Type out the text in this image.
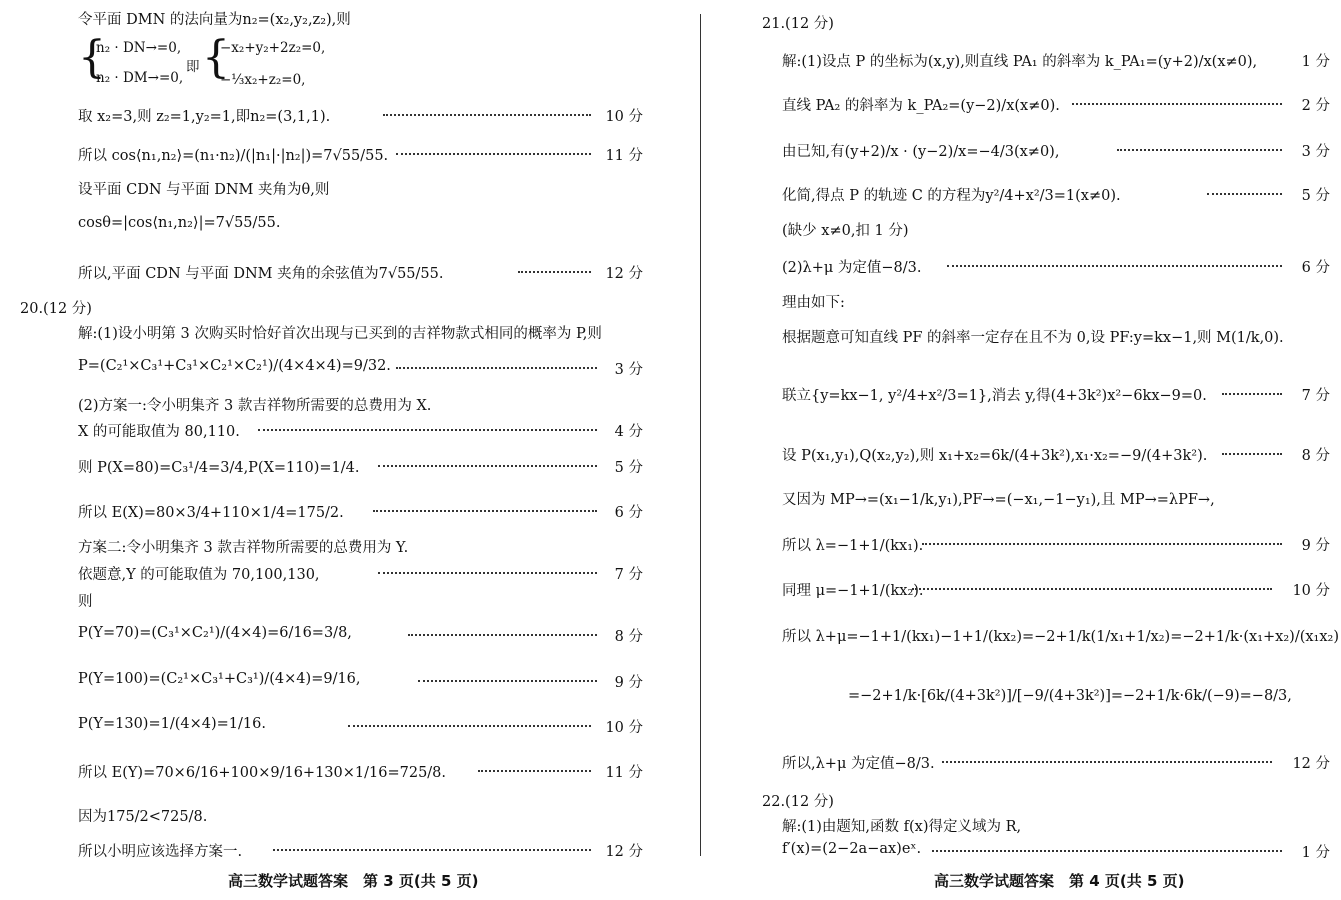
令平面 DMN 的法向量为n₂=(x₂,y₂,z₂),则
{
n₂ · DN→=0,
n₂ · DM→=0,
即 {
−x₂+y₂+2z₂=0,
−⅓x₂+z₂=0,
取 x₂=3,则 z₂=1,y₂=1,即n₂=(3,1,1).	10 分
所以 cos⟨n₁,n₂⟩=(n₁·n₂)/(|n₁|·|n₂|)=7√55/55.	11 分
设平面 CDN 与平面 DNM 夹角为θ,则
cosθ=|cos⟨n₁,n₂⟩|=7√55/55.
所以,平面 CDN 与平面 DNM 夹角的余弦值为7√55/55.	12 分
20.(12 分)
解:(1)设小明第 3 次购买时恰好首次出现与已买到的吉祥物款式相同的概率为 P,则
P=(C₂¹×C₃¹+C₃¹×C₂¹×C₂¹)/(4×4×4)=9/32.	3 分
(2)方案一:令小明集齐 3 款吉祥物所需要的总费用为 X.
X 的可能取值为 80,110.	4 分
则 P(X=80)=C₃¹/4=3/4,P(X=110)=1/4.	5 分
所以 E(X)=80×3/4+110×1/4=175/2.	6 分
方案二:令小明集齐 3 款吉祥物所需要的总费用为 Y.
依题意,Y 的可能取值为 70,100,130,	7 分
则
P(Y=70)=(C₃¹×C₂¹)/(4×4)=6/16=3/8,	8 分
P(Y=100)=(C₂¹×C₃¹+C₃¹)/(4×4)=9/16,	9 分
P(Y=130)=1/(4×4)=1/16.	10 分
所以 E(Y)=70×6/16+100×9/16+130×1/16=725/8.	11 分
因为175/2<725/8.
所以小明应该选择方案一.	12 分
高三数学试题答案　第 3 页(共 5 页)
21.(12 分)
解:(1)设点 P 的坐标为(x,y),则直线 PA₁ 的斜率为 k_PA₁=(y+2)/x(x≠0),	1 分
直线 PA₂ 的斜率为 k_PA₂=(y−2)/x(x≠0).	2 分
由已知,有(y+2)/x · (y−2)/x=−4/3(x≠0),	3 分
化简,得点 P 的轨迹 C 的方程为y²/4+x²/3=1(x≠0).	5 分
(缺少 x≠0,扣 1 分)
(2)λ+μ 为定值−8/3.	6 分
理由如下:
根据题意可知直线 PF 的斜率一定存在且不为 0,设 PF:y=kx−1,则 M(1/k,0).
联立{y=kx−1, y²/4+x²/3=1},消去 y,得(4+3k²)x²−6kx−9=0.	7 分
设 P(x₁,y₁),Q(x₂,y₂),则 x₁+x₂=6k/(4+3k²),x₁·x₂=−9/(4+3k²).	8 分
又因为 MP→=(x₁−1/k,y₁),PF→=(−x₁,−1−y₁),且 MP→=λPF→,
所以 λ=−1+1/(kx₁).	9 分
同理 μ=−1+1/(kx₂).	10 分
所以 λ+μ=−1+1/(kx₁)−1+1/(kx₂)=−2+1/k(1/x₁+1/x₂)=−2+1/k·(x₁+x₂)/(x₁x₂)
=−2+1/k·[6k/(4+3k²)]/[−9/(4+3k²)]=−2+1/k·6k/(−9)=−8/3,
所以,λ+μ 为定值−8/3.	12 分
22.(12 分)
解:(1)由题知,函数 f(x)得定义域为 R,
f′(x)=(2−2a−ax)eˣ.	1 分
高三数学试题答案　第 4 页(共 5 页)
